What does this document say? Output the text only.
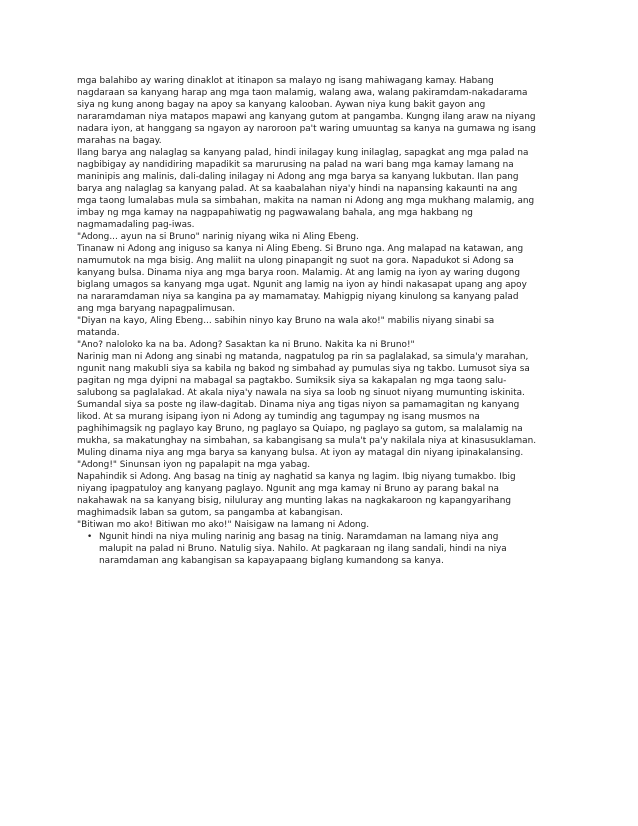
mga balahibo ay waring dinaklot at itinapon sa malayo ng isang mahiwagang kamay. Habang
nagdaraan sa kanyang harap ang mga taon malamig, walang awa, walang pakiramdam-nakadarama
siya ng kung anong bagay na apoy sa kanyang kalooban. Aywan niya kung bakit gayon ang
nararamdaman niya matapos mapawi ang kanyang gutom at pangamba. Kungng ilang araw na niyang
nadara iyon, at hanggang sa ngayon ay naroroon pa't waring umuuntag sa kanya na gumawa ng isang
marahas na bagay.
Ilang barya ang nalaglag sa kanyang palad, hindi inilagay kung inilaglag, sapagkat ang mga palad na
nagbibigay ay nandidiring mapadikit sa marurusing na palad na wari bang mga kamay lamang na
maninipis ang malinis, dali-daling inilagay ni Adong ang mga barya sa kanyang lukbutan. Ilan pang
barya ang nalaglag sa kanyang palad. At sa kaabalahan niya'y hindi na napansing kakaunti na ang
mga taong lumalabas mula sa simbahan, makita na naman ni Adong ang mga mukhang malamig, ang
imbay ng mga kamay na nagpapahiwatig ng pagwawalang bahala, ang mga hakbang ng
nagmamadaling pag-iwas.
"Adong... ayun na si Bruno" narinig niyang wika ni Aling Ebeng.
Tinanaw ni Adong ang iniguso sa kanya ni Aling Ebeng. Si Bruno nga. Ang malapad na katawan, ang
namumutok na mga bisig. Ang maliit na ulong pinapangit ng suot na gora. Napadukot si Adong sa
kanyang bulsa. Dinama niya ang mga barya roon. Malamig. At ang lamig na iyon ay waring dugong
biglang umagos sa kanyang mga ugat. Ngunit ang lamig na iyon ay hindi nakasapat upang ang apoy
na nararamdaman niya sa kangina pa ay mamamatay. Mahigpig niyang kinulong sa kanyang palad
ang mga baryang napagpalimusan.
"Diyan na kayo, Aling Ebeng... sabihin ninyo kay Bruno na wala ako!" mabilis niyang sinabi sa
matanda.
"Ano? naloloko ka na ba. Adong? Sasaktan ka ni Bruno. Nakita ka ni Bruno!"
Narinig man ni Adong ang sinabi ng matanda, nagpatulog pa rin sa paglalakad, sa simula'y marahan,
ngunit nang makubli siya sa kabila ng bakod ng simbahad ay pumulas siya ng takbo. Lumusot siya sa
pagitan ng mga dyipni na mabagal sa pagtakbo. Sumiksik siya sa kakapalan ng mga taong salu-
salubong sa paglalakad. At akala niya'y nawala na siya sa loob ng sinuot niyang mumunting iskinita.
Sumandal siya sa poste ng ilaw-dagitab. Dinama niya ang tigas niyon sa pamamagitan ng kanyang
likod. At sa murang isipang iyon ni Adong ay tumindig ang tagumpay ng isang musmos na
paghihimagsik ng paglayo kay Bruno, ng paglayo sa Quiapo, ng paglayo sa gutom, sa malalamig na
mukha, sa makatunghay na simbahan, sa kabangisang sa mula't pa'y nakilala niya at kinasusuklaman.
Muling dinama niya ang mga barya sa kanyang bulsa. At iyon ay matagal din niyang ipinakalansing.
"Adong!" Sinunsan iyon ng papalapit na mga yabag.
Napahindik si Adong. Ang basag na tinig ay naghatid sa kanya ng lagim. Ibig niyang tumakbo. Ibig
niyang ipagpatuloy ang kanyang paglayo. Ngunit ang mga kamay ni Bruno ay parang bakal na
nakahawak na sa kanyang bisig, niluluray ang munting lakas na nagkakaroon ng kapangyarihang
maghimadsik laban sa gutom, sa pangamba at kabangisan.
"Bitiwan mo ako! Bitiwan mo ako!" Naisigaw na lamang ni Adong.
• Ngunit hindi na niya muling narinig ang basag na tinig. Naramdaman na lamang niya ang
malupit na palad ni Bruno. Natulig siya. Nahilo. At pagkaraan ng ilang sandali, hindi na niya
naramdaman ang kabangisan sa kapayapaang biglang kumandong sa kanya.
